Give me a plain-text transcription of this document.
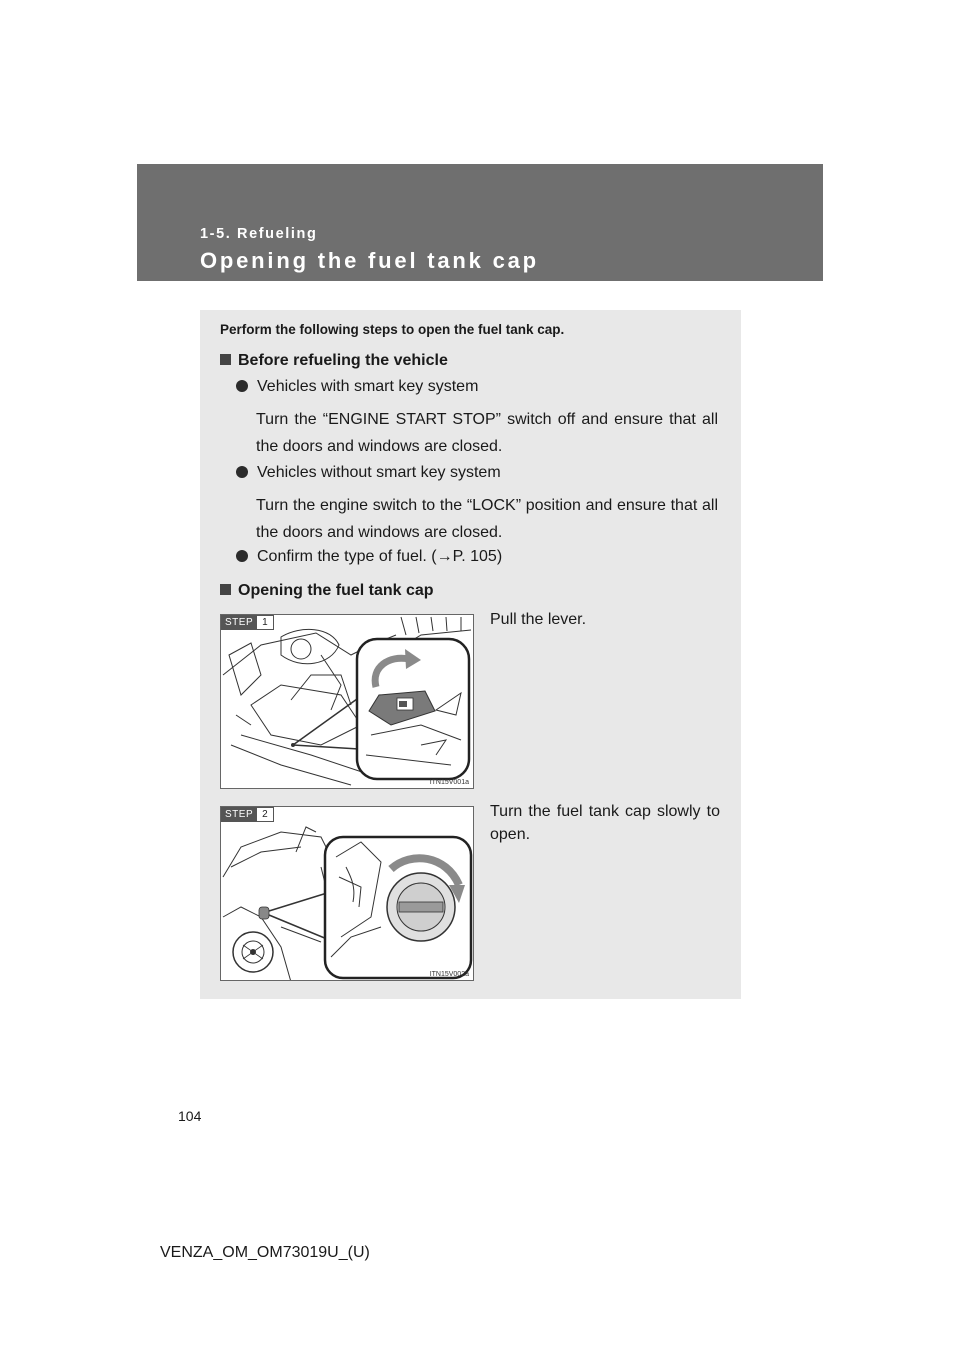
1-5. Refueling

Opening the fuel tank cap

Perform the following steps to open the fuel tank cap.

Before refueling the vehicle

Vehicles with smart key system

Turn the “ENGINE START STOP” switch off and ensure that all the doors and windows are closed.

Vehicles without smart key system

Turn the engine switch to the “LOCK” position and ensure that all the doors and windows are closed.

Confirm the type of fuel. (→P. 105)

Opening the fuel tank cap

STEP 1
ITN15V001a

Pull the lever.

STEP 2
ITN15V002a

Turn the fuel tank cap slowly to open.

104
VENZA_OM_OM73019U_(U)
